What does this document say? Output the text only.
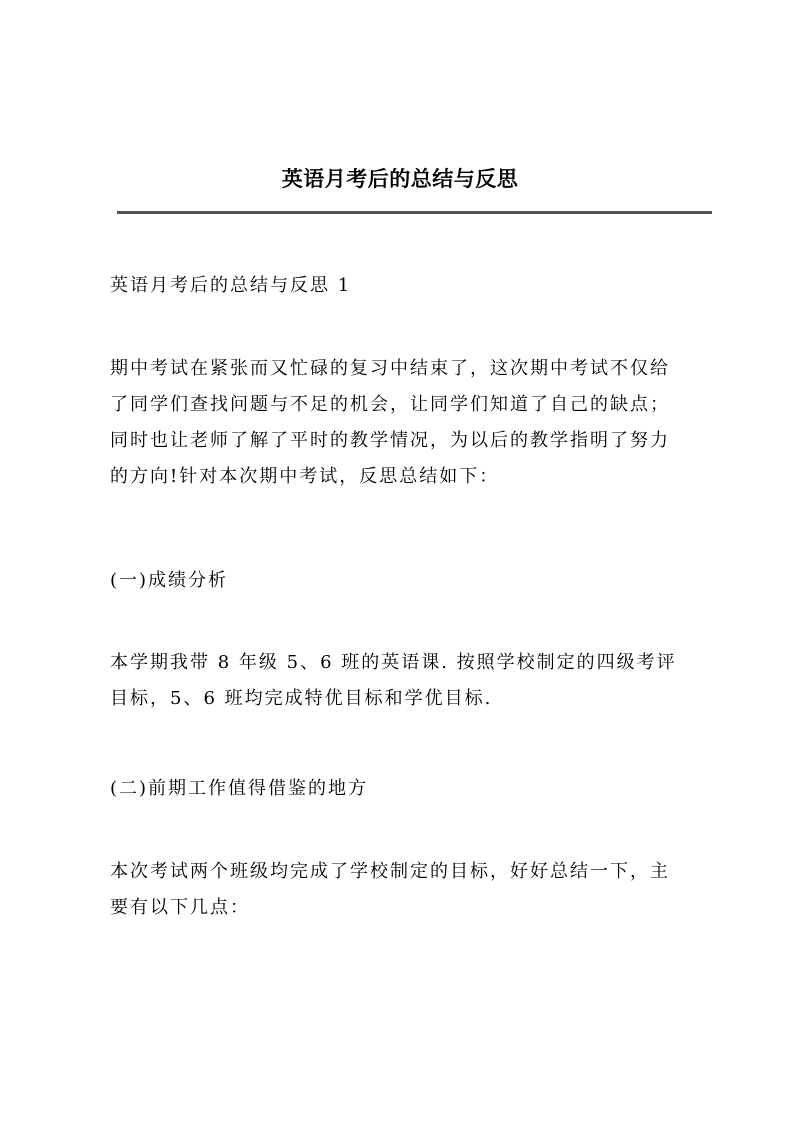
英语月考后的总结与反思

英语月考后的总结与反思 1

期中考试在紧张而又忙碌的复习中结束了，这次期中考试不仅给
了同学们查找问题与不足的机会，让同学们知道了自己的缺点；
同时也让老师了解了平时的教学情况，为以后的教学指明了努力
的方向!针对本次期中考试，反思总结如下：

(一)成绩分析

本学期我带 8 年级 5、6 班的英语课. 按照学校制定的四级考评
目标，5、6 班均完成特优目标和学优目标.

(二)前期工作值得借鉴的地方

本次考试两个班级均完成了学校制定的目标，好好总结一下，主
要有以下几点：
